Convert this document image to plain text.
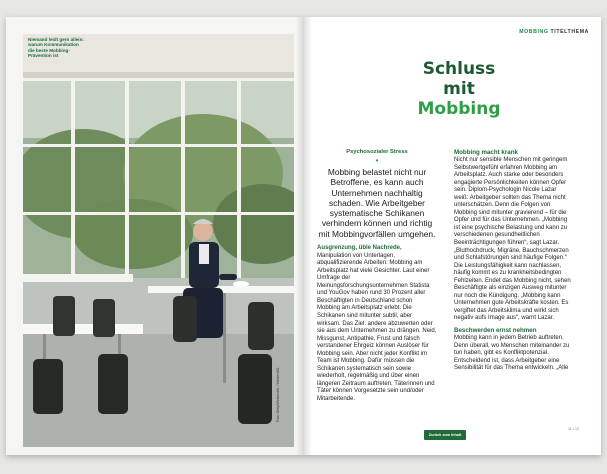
Niemand leidt gern allein: warum Kommunikation die beste Mobbing-Prävention ist
Foto: Getty/Westend61 / Westend61
MOBBING TITELTHEMA
Schluss mit
Mobbing
Psychosozialer Stress
•
Mobbing belastet nicht nur Betroffene, es kann auch Unternehmen nachhaltig schaden. Wie Arbeitgeber systematische Schikanen verhindern können und richtig mit Mobbingvorfällen umgehen.
Ausgrenzung, üble Nachrede, Manipulation von Unterlagen, abqualifizierende Arbeiten: Mobbing am Arbeitsplatz hat viele Gesichter. Laut einer Umfrage der Meinungsforschungsunternehmen Statista und YouGov haben rund 30 Prozent aller Beschäftigten in Deutschland schon Mobbing am Arbeitsplatz erlebt. Die Schikanen sind mitunter subtil, aber wirksam. Das Ziel: andere abzuwerten oder sie aus dem Unternehmen zu drängen. Neid, Missgunst, Antipathie, Frust und falsch verstandener Ehrgeiz können Auslöser für Mobbing sein. Aber nicht jeder Konflikt im Team ist Mobbing. Dafür müssen die Schikanen systematisch sein sowie wiederholt, regelmäßig und über einen längeren Zeitraum auftreten. Täterinnen und Täter können Vorgesetzte sein und/oder Mitarbeitende.
Mobbing macht krank
Nicht nur sensible Menschen mit geringem Selbstwertgefühl erfahren Mobbing am Arbeitsplatz. Auch starke oder besonders engagierte Persönlichkeiten können Opfer sein. Diplom-Psychologin Nicole Lazar weiß: Arbeitgeber sollten das Thema nicht unterschätzen. Denn die Folgen von Mobbing sind mitunter gravierend – für die Opfer und für das Unternehmen. „Mobbing ist eine psychische Belastung und kann zu verschiedenen gesundheitlichen Beeinträchtigungen führen“, sagt Lazar. „Bluthochdruck, Migräne, Bauchschmerzen und Schlafstörungen sind häufige Folgen.“ Die Leistungsfähigkeit kann nachlassen, häufig kommt es zu krankheitsbedingten Fehlzeiten. Endet das Mobbing nicht, sehen Beschäftigte als einzigen Ausweg mitunter nur noch die Kündigung. „Mobbing kann Unternehmen gute Arbeitskräfte kosten. Es vergiftet das Arbeitsklima und wirkt sich negativ aufs Image aus“, warnt Lazar.
Beschwerden ernst nehmen
Mobbing kann in jedem Betrieb auftreten. Denn überall, wo Menschen miteinander zu tun haben, gibt es Konfliktpotenzial. Entscheidend ist, dass Arbeitgeber eine Sensibilität für das Thema entwickeln. „Alle
Zurück zum Inhalt
11 • 12
